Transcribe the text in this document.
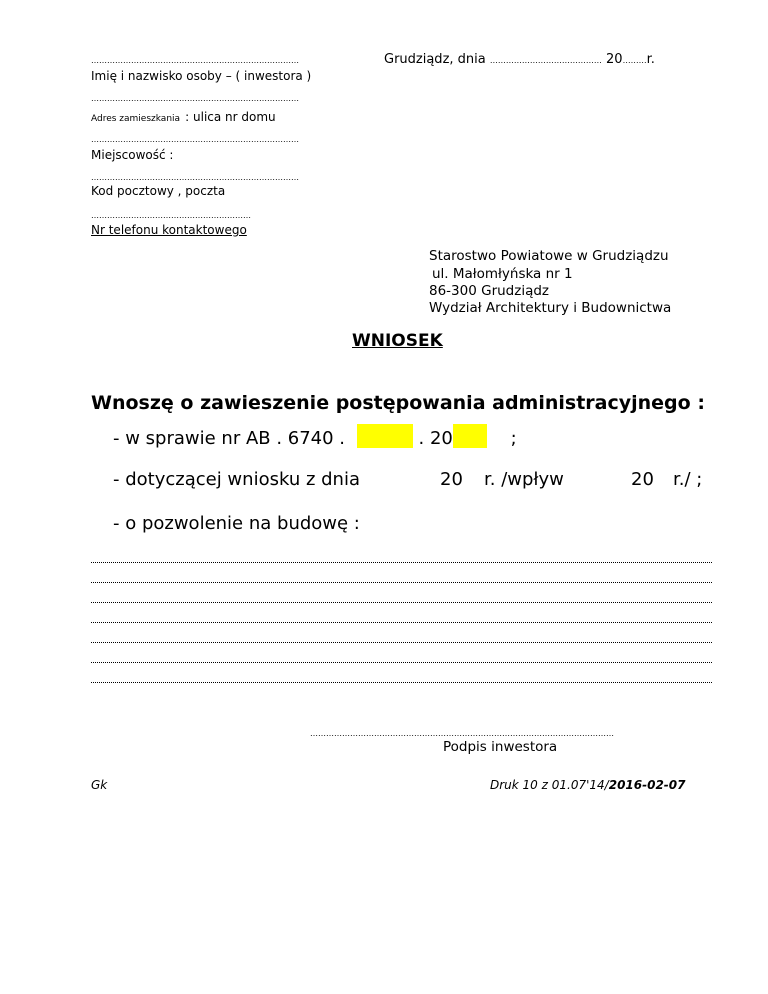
……………………………………………………………………
Imię i nazwisko osoby – ( inwestora )
……………………………………………………………………
Adres zamieszkania : ulica nr domu
……………………………………………………………………
Miejscowość :
……………………………………………………………………
Kod pocztowy , poczta
……………………………………………………
Nr telefonu kontaktowego
Grudziądz, dnia …………………………………… 20………r.
Starostwo Powiatowe w Grudziądzu
ul. Małomłyńska nr 1
86-300 Grudziądz
Wydział Architektury i Budownictwa
WNIOSEK
Wnoszę o zawieszenie postępowania administracyjnego :
- w sprawie nr AB . 6740 .	. 20	;
- dotyczącej wniosku z dnia	20 r. /wpływ	20 r./ ;
- o pozwolenie na budowę :
……………………………………………………………………………………………………
Podpis inwestora
Gk	Druk 10 z 01.07'14/2016-02-07
